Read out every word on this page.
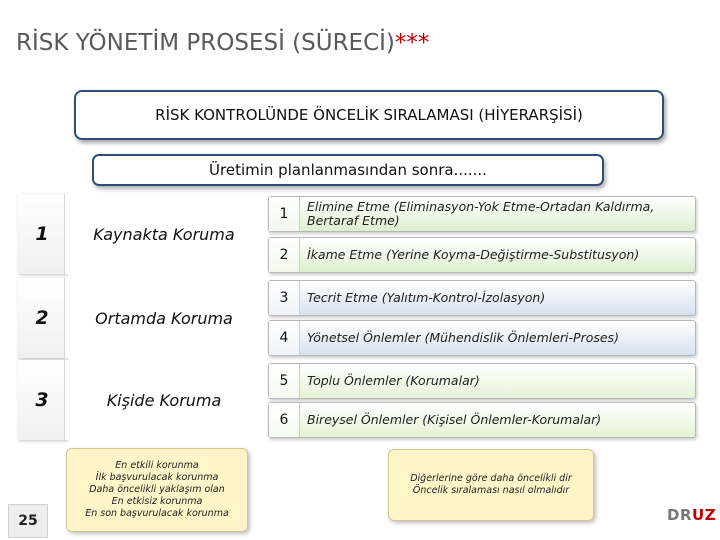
RİSK YÖNETİM PROSESİ (SÜRECİ)***
RİSK KONTROLÜNDE ÖNCELİK SIRALAMASI (HİYERARŞİSİ)
Üretimin planlanmasından sonra.......
1	Kaynakta Koruma
2	Ortamda Koruma
3	Kişide Koruma
1	Elimine Etme (Eliminasyon-Yok Etme-Ortadan Kaldırma, Bertaraf Etme)
2	İkame Etme (Yerine Koyma-Değiştirme-Substitusyon)
3	Tecrit Etme (Yalıtım-Kontrol-İzolasyon)
4	Yönetsel Önlemler (Mühendislik Önlemleri-Proses)
5	Toplu Önlemler (Korumalar)
6	Bireysel Önlemler (Kişisel Önlemler-Korumalar)
En etkili korunma
İlk başvurulacak korunma
Daha öncelikli yaklaşım olan
En etkisiz korunma
En son başvurulacak korunma
Diğerlerine göre daha öncelikli dir
Öncelik sıralaması nasıl olmalıdır
25	DRUZ
